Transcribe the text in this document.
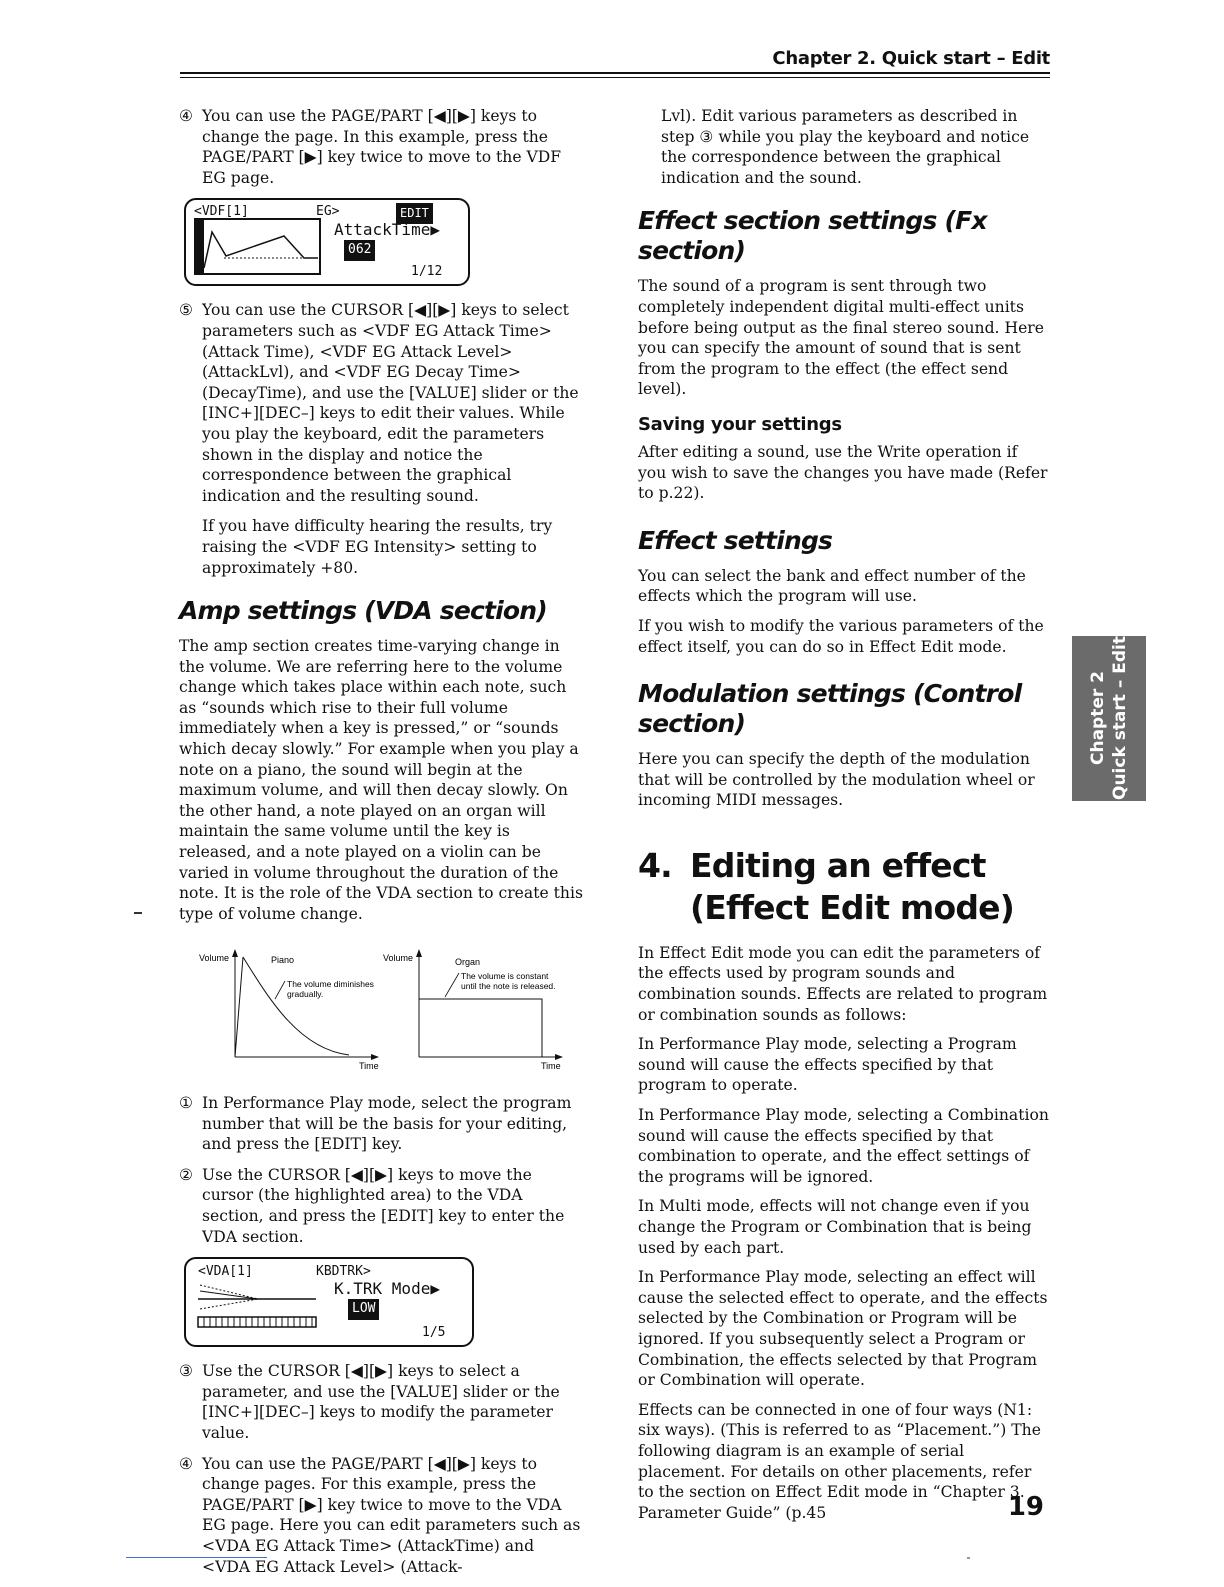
Chapter 2. Quick start – Edit
④ You can use the PAGE/PART [◀][▶] keys to change the page. In this example, press the PAGE/PART [▶] key twice to move to the VDF EG page.
<VDF[1]	EG>	EDIT
AttackTime▶
062
1/12
⑤ You can use the CURSOR [◀][▶] keys to select parameters such as <VDF EG Attack Time> (Attack Time), <VDF EG Attack Level> (AttackLvl), and <VDF EG Decay Time> (DecayTime), and use the [VALUE] slider or the [INC+][DEC–] keys to edit their values. While you play the keyboard, edit the parameters shown in the display and notice the correspondence between the graphical indication and the resulting sound.

If you have difficulty hearing the results, try raising the <VDF EG Intensity> setting to approximately +80.

Amp settings (VDA section)

The amp section creates time-varying change in the volume. We are referring here to the volume change which takes place within each note, such as “sounds which rise to their full volume immediately when a key is pressed,” or “sounds which decay slowly.” For example when you play a note on a piano, the sound will begin at the maximum volume, and will then decay slowly. On the other hand, a note played on an organ will maintain the same volume until the key is released, and a note played on a violin can be varied in volume throughout the duration of the note. It is the role of the VDA section to create this type of volume change.

Volume	Piano
The volume diminishes
gradually.
Time
Volume	Organ
The volume is constant
until the note is released.
Time
① In Performance Play mode, select the program number that will be the basis for your editing, and press the [EDIT] key.
② Use the CURSOR [◀][▶] keys to move the cursor (the highlighted area) to the VDA section, and press the [EDIT] key to enter the VDA section.
<VDA[1]	KBDTRK>
K.TRK Mode▶
LOW
1/5
③ Use the CURSOR [◀][▶] keys to select a parameter, and use the [VALUE] slider or the [INC+][DEC–] keys to modify the parameter value.
④ You can use the PAGE/PART [◀][▶] keys to change pages. For this example, press the PAGE/PART [▶] key twice to move to the VDA EG page. Here you can edit parameters such as <VDA EG Attack Time> (AttackTime) and <VDA EG Attack Level> (Attack-

Lvl). Edit various parameters as described in step ③ while you play the keyboard and notice the correspondence between the graphical indication and the sound.

Effect section settings (Fx section)

The sound of a program is sent through two completely independent digital multi-effect units before being output as the final stereo sound. Here you can specify the amount of sound that is sent from the program to the effect (the effect send level).

Saving your settings

After editing a sound, use the Write operation if you wish to save the changes you have made (Refer to p.22).

Effect settings

You can select the bank and effect number of the effects which the program will use.

If you wish to modify the various parameters of the effect itself, you can do so in Effect Edit mode.

Modulation settings (Control section)

Here you can specify the depth of the modulation that will be controlled by the modulation wheel or incoming MIDI messages.

4. Editing an effect (Effect Edit mode)

In Effect Edit mode you can edit the parameters of the effects used by program sounds and combination sounds. Effects are related to program or combination sounds as follows:

In Performance Play mode, selecting a Program sound will cause the effects specified by that program to operate.

In Performance Play mode, selecting a Combination sound will cause the effects specified by that combination to operate, and the effect settings of the programs will be ignored.

In Multi mode, effects will not change even if you change the Program or Combination that is being used by each part.

In Performance Play mode, selecting an effect will cause the selected effect to operate, and the effects selected by the Combination or Program will be ignored. If you subsequently select a Program or Combination, the effects selected by that Program or Combination will operate.

Effects can be connected in one of four ways (N1: six ways). (This is referred to as “Placement.”) The following diagram is an example of serial placement. For details on other placements, refer to the section on Effect Edit mode in “Chapter 3. Parameter Guide” (p.45

Chapter 2 Quick start – Edit
19
